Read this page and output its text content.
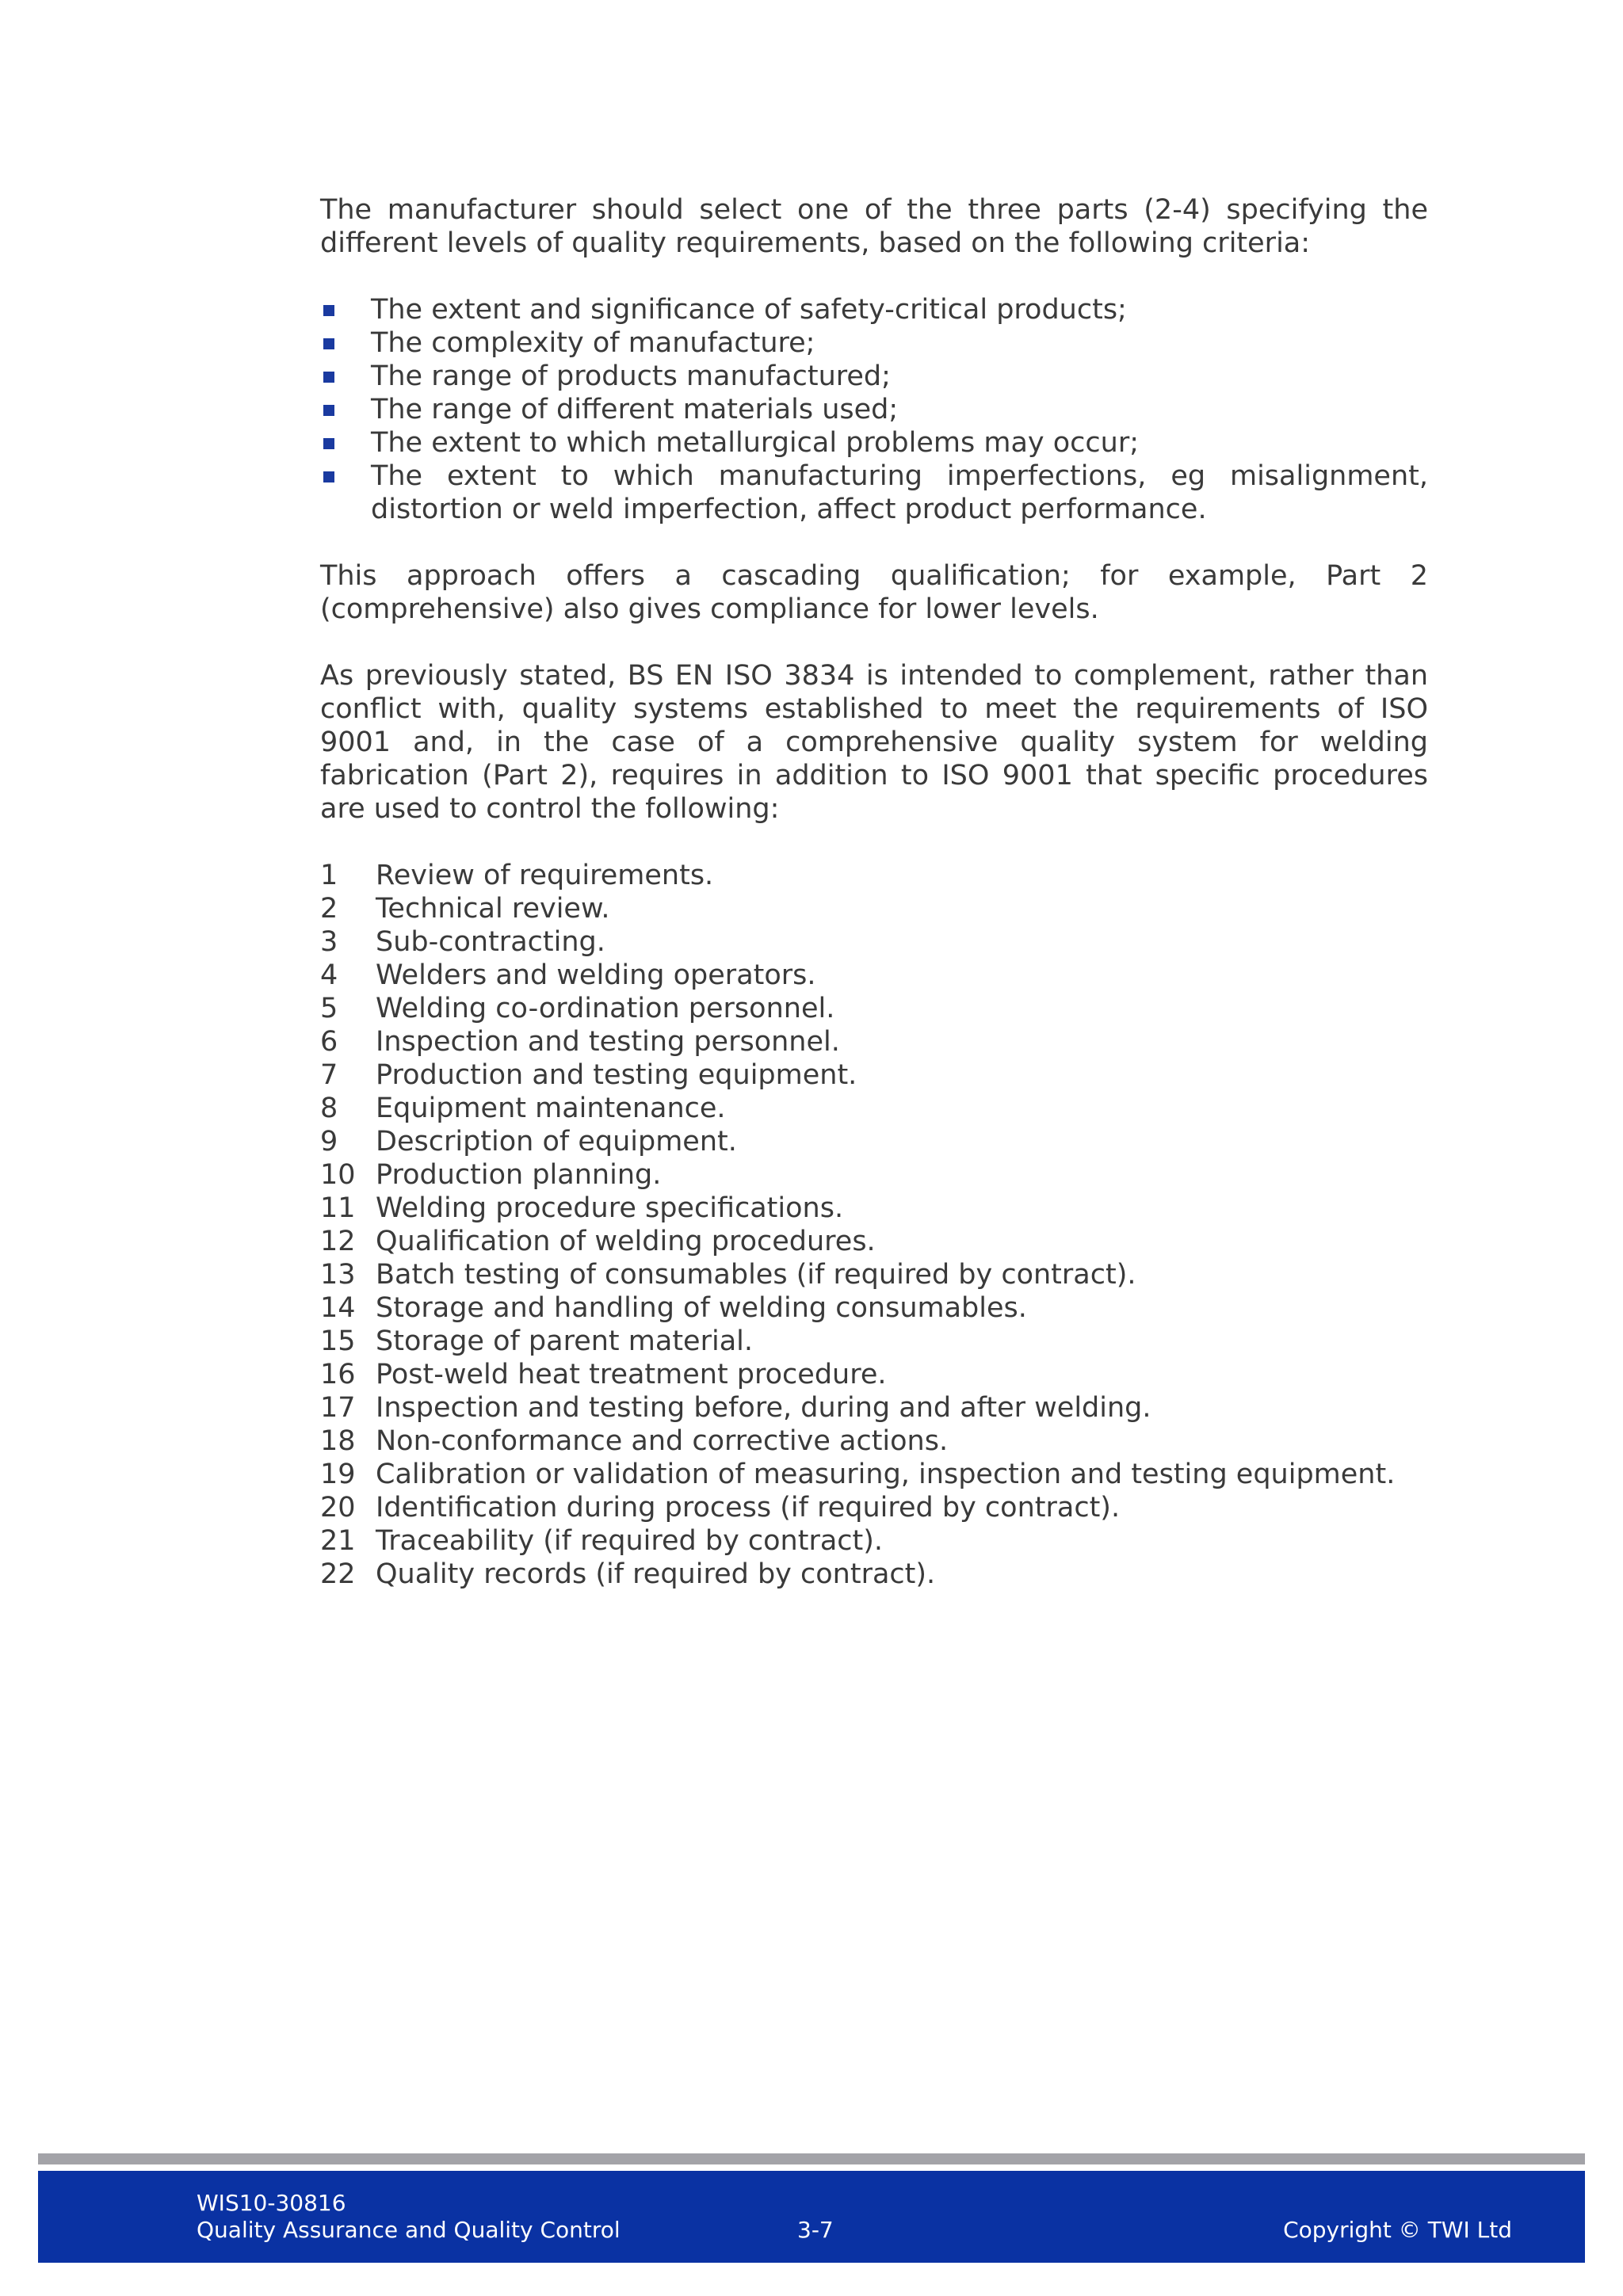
The manufacturer should select one of the three parts (2-4) specifying the different levels of quality requirements, based on the following criteria:

The extent and significance of safety-critical products;
The complexity of manufacture;
The range of products manufactured;
The range of different materials used;
The extent to which metallurgical problems may occur;
The extent to which manufacturing imperfections, eg misalignment, distortion or weld imperfection, affect product performance.

This approach offers a cascading qualification; for example, Part 2 (comprehensive) also gives compliance for lower levels.

As previously stated, BS EN ISO 3834 is intended to complement, rather than conflict with, quality systems established to meet the requirements of ISO 9001 and, in the case of a comprehensive quality system for welding fabrication (Part 2), requires in addition to ISO 9001 that specific procedures are used to control the following:

1	Review of requirements.
2	Technical review.
3	Sub-contracting.
4	Welders and welding operators.
5	Welding co-ordination personnel.
6	Inspection and testing personnel.
7	Production and testing equipment.
8	Equipment maintenance.
9	Description of equipment.
10 Production planning.
11 Welding procedure specifications.
12 Qualification of welding procedures.
13 Batch testing of consumables (if required by contract).
14 Storage and handling of welding consumables.
15 Storage of parent material.
16 Post-weld heat treatment procedure.
17 Inspection and testing before, during and after welding.
18 Non-conformance and corrective actions.
19 Calibration or validation of measuring, inspection and testing equipment.
20 Identification during process (if required by contract).
21 Traceability (if required by contract).
22 Quality records (if required by contract).
WIS10-30816
Quality Assurance and Quality Control	3-7	Copyright © TWI Ltd
